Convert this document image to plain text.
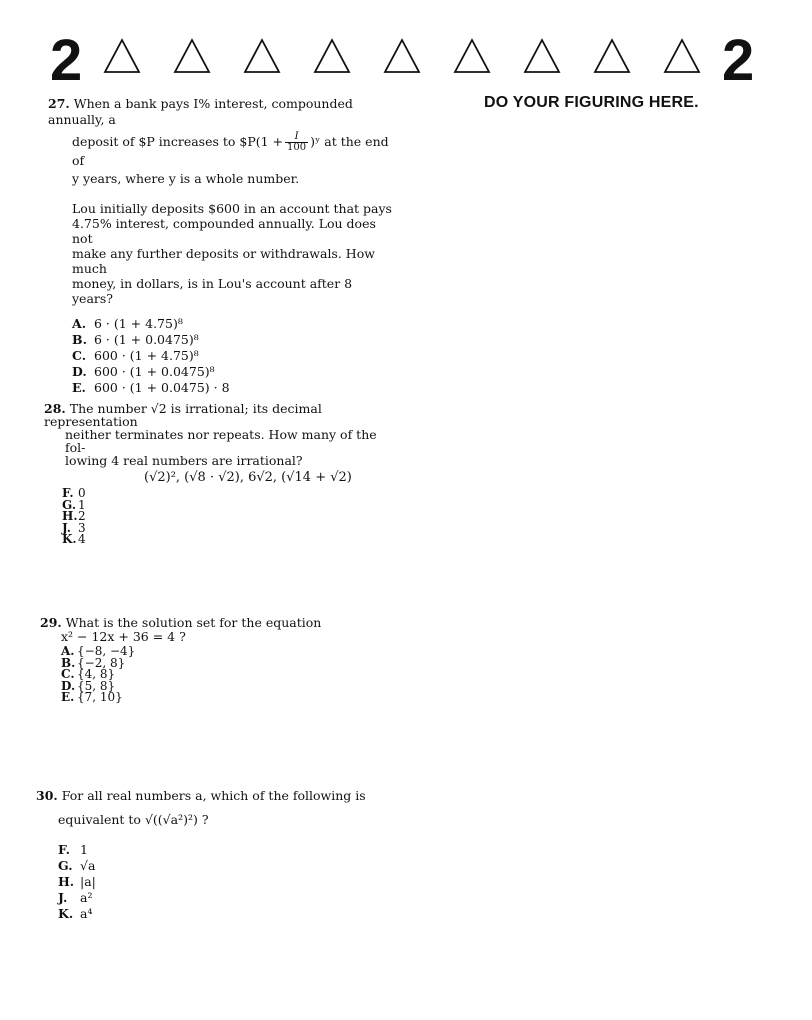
2	2
DO YOUR FIGURING HERE.
27. When a bank pays I% interest, compounded annually, a
deposit of $P increases to $P(1 + $\frac{I}{100}$ )ʸ at the end of
y years, where y is a whole number.
Lou initially deposits $600 in an account that pays
4.75% interest, compounded annually. Lou does not
make any further deposits or withdrawals. How much
money, in dollars, is in Lou's account after 8 years?
A. 6 · (1 + 4.75)⁸
B. 6 · (1 + 0.0475)⁸
C. 600 · (1 + 4.75)⁸
D. 600 · (1 + 0.0475)⁸
E. 600 · (1 + 0.0475) · 8
28. The number √2 is irrational; its decimal representation
neither terminates nor repeats. How many of the fol-
lowing 4 real numbers are irrational?
(√2)², (√8 · √2), 6√2, (√14 + √2)
F. 0
G. 1
H.2
J. 3
K.4
29. What is the solution set for the equation
x² − 12x + 36 = 4 ?
A. {−8, −4}
B. {−2, 8}
C. {4, 8}
D. {5, 8}
E. {7, 10}
30. For all real numbers a, which of the following is
equivalent to √((√a²)²) ?
F. 1
G. √a
H. |a|
J. a²
K. a⁴
